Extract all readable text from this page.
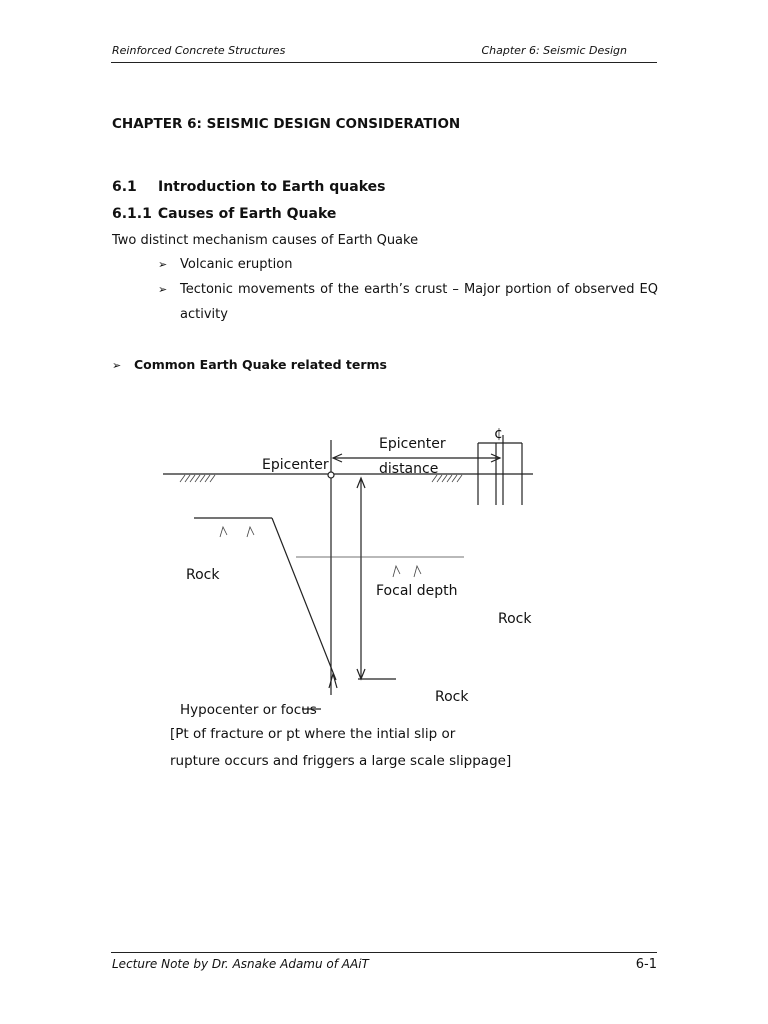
Reinforced Concrete Structures	Chapter 6: Seismic Design
CHAPTER 6: SEISMIC DESIGN CONSIDERATION
6.1 Introduction to Earth quakes
6.1.1 Causes of Earth Quake
Two distinct mechanism causes of Earth Quake
➢ Volcanic eruption
➢ Tectonic movements of the earth’s crust – Major portion of observed EQ activity
➢ Common Earth Quake related terms
Epicenter
Epicenter
distance
¢
Rock
Focal depth
Rock
Rock
Hypocenter or focus
[Pt of fracture or pt where the intial slip or
rupture occurs and friggers a large scale slippage]
Lecture Note by Dr. Asnake Adamu of AAiT	6-1
